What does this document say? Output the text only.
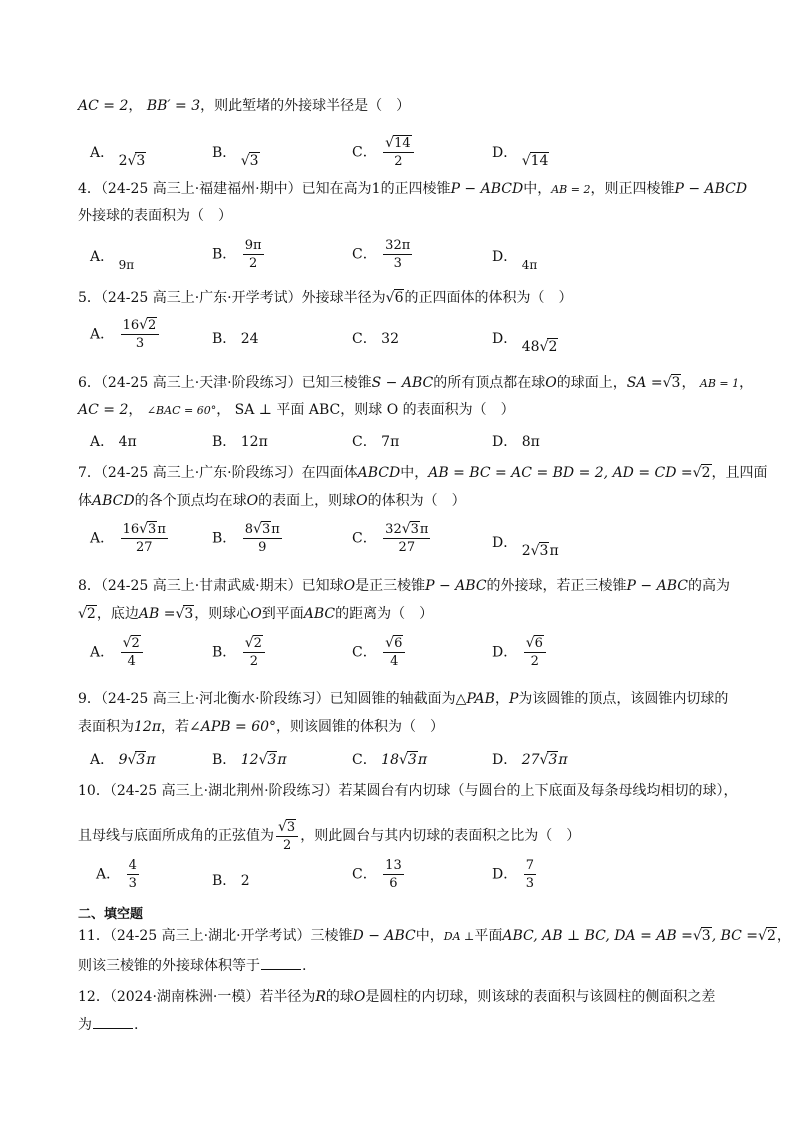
AC = 2， BB′ = 3，则此堑堵的外接球半径是（　）
A． 2√3	B． √3
C． $\frac{√14}{2}$	D． √14
4．（24-25 高三上·福建福州·期中）已知在高为1的正四棱锥P − ABCD中，AB = 2，则正四棱锥P − ABCD
外接球的表面积为（　）
A． 9π
B． $\frac{9\pi}{2}$	C． $\frac{32\pi}{3}$	D． 4π
5．（24-25 高三上·广东·开学考试）外接球半径为√6的正四面体的体积为（　）
A． $\frac{16√2}{3}$	B． 24	C． 32	D． 48√2
6．（24-25 高三上·天津·阶段练习）已知三棱锥S − ABC的所有顶点都在球O的球面上，SA =√3， AB = 1，
AC = 2， ∠BAC = 60°， SA ⊥ 平面 ABC，则球 O 的表面积为（　）
A． 4π	B． 12π	C． 7π	D． 8π
7．（24-25 高三上·广东·阶段练习）在四面体ABCD中，AB = BC = AC = BD = 2, AD = CD =√2，且四面
体ABCD的各个顶点均在球O的表面上，则球O的体积为（　）
A． $\frac{16√3\pi}{27}$	B． $\frac{8√3\pi}{9}$	C． $\frac{32√3\pi}{27}$	D． 2√3π
8．（24-25 高三上·甘肃武威·期末）已知球O是正三棱锥P − ABC的外接球，若正三棱锥P − ABC的高为
√2，底边AB =√3，则球心O到平面ABC的距离为（　）
A． $\frac{√2}{4}$	B． $\frac{√2}{2}$	C． $\frac{√6}{4}$	D． $\frac{√6}{2}$
9．（24-25 高三上·河北衡水·阶段练习）已知圆锥的轴截面为△PAB，P为该圆锥的顶点，该圆锥内切球的
表面积为12π，若∠APB = 60°，则该圆锥的体积为（　）
A． 9√3π	B． 12√3π	C． 18√3π	D． 27√3π
10．（24-25 高三上·湖北荆州·阶段练习）若某圆台有内切球（与圆台的上下底面及每条母线均相切的球），
且母线与底面所成角的正弦值为 $\frac{√3}{2}$ ，则此圆台与其内切球的表面积之比为（　）
A． $\frac{4}{3}$	B． 2	C． $\frac{13}{6}$	D． $\frac{7}{3}$
二、填空题
11．（24-25 高三上·湖北·开学考试）三棱锥D − ABC中，DA ⊥平面ABC, AB ⊥ BC, DA = AB =√3, BC =√2，
则该三棱锥的外接球体积等于	.
12．（2024·湖南株洲·一模）若半径为R的球O是圆柱的内切球，则该球的表面积与该圆柱的侧面积之差
为	.
